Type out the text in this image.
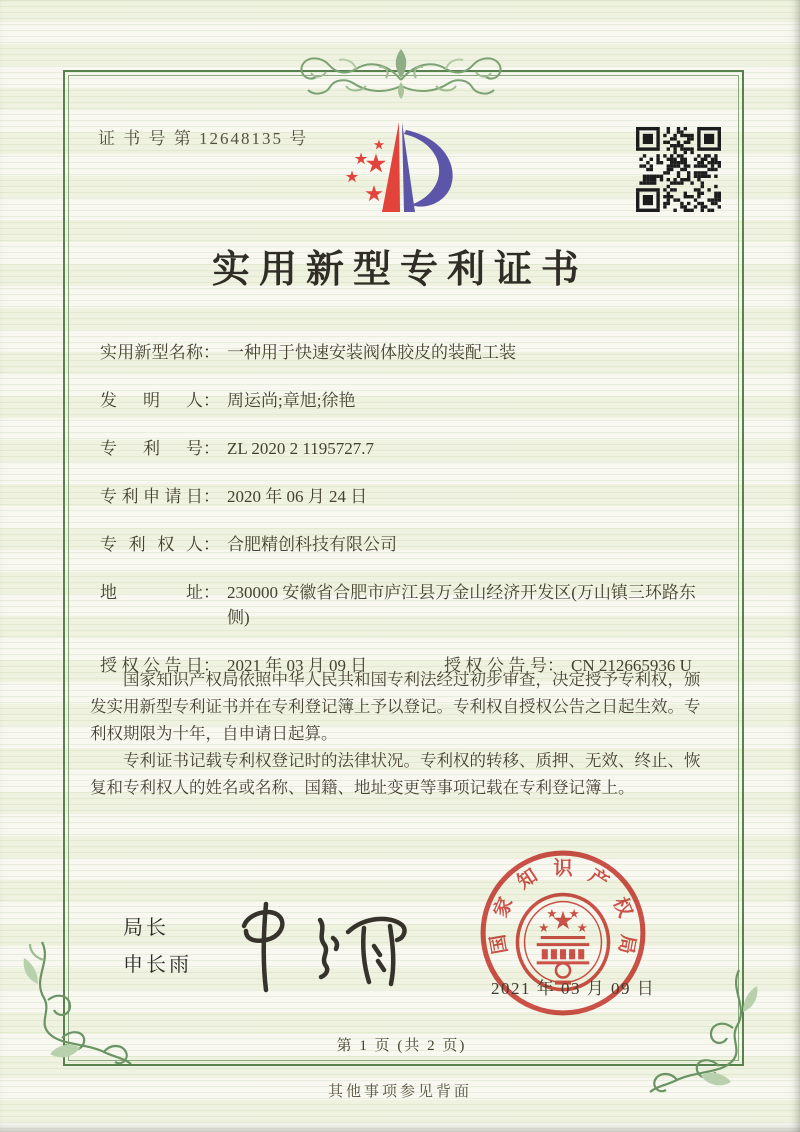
证 书 号 第 12648135 号
实用新型专利证书
实用新型名称 ： 一种用于快速安装阀体胶皮的装配工装
发明人 ： 周运尚;章旭;徐艳
专利号 ： ZL 2020 2 1195727.7
专利申请日 ： 2020 年 06 月 24 日
专利权人 ： 合肥精创科技有限公司
地址 ： 230000 安徽省合肥市庐江县万金山经济开发区(万山镇三环路东侧)
授权公告日 ： 2021 年 03 月 09 日	授权公告号 ： CN 212665936 U

国家知识产权局依照中华人民共和国专利法经过初步审查，决定授予专利权，颁发实用新型专利证书并在专利登记簿上予以登记。专利权自授权公告之日起生效。专利权期限为十年，自申请日起算。

专利证书记载专利权登记时的法律状况。专利权的转移、质押、无效、终止、恢复和专利权人的姓名或名称、国籍、地址变更等事项记载在专利登记簿上。

局长
申长雨
国
家
知 识 产
权
局
2021 年 03 月 09 日
第 1 页 (共 2 页)
其他事项参见背面
